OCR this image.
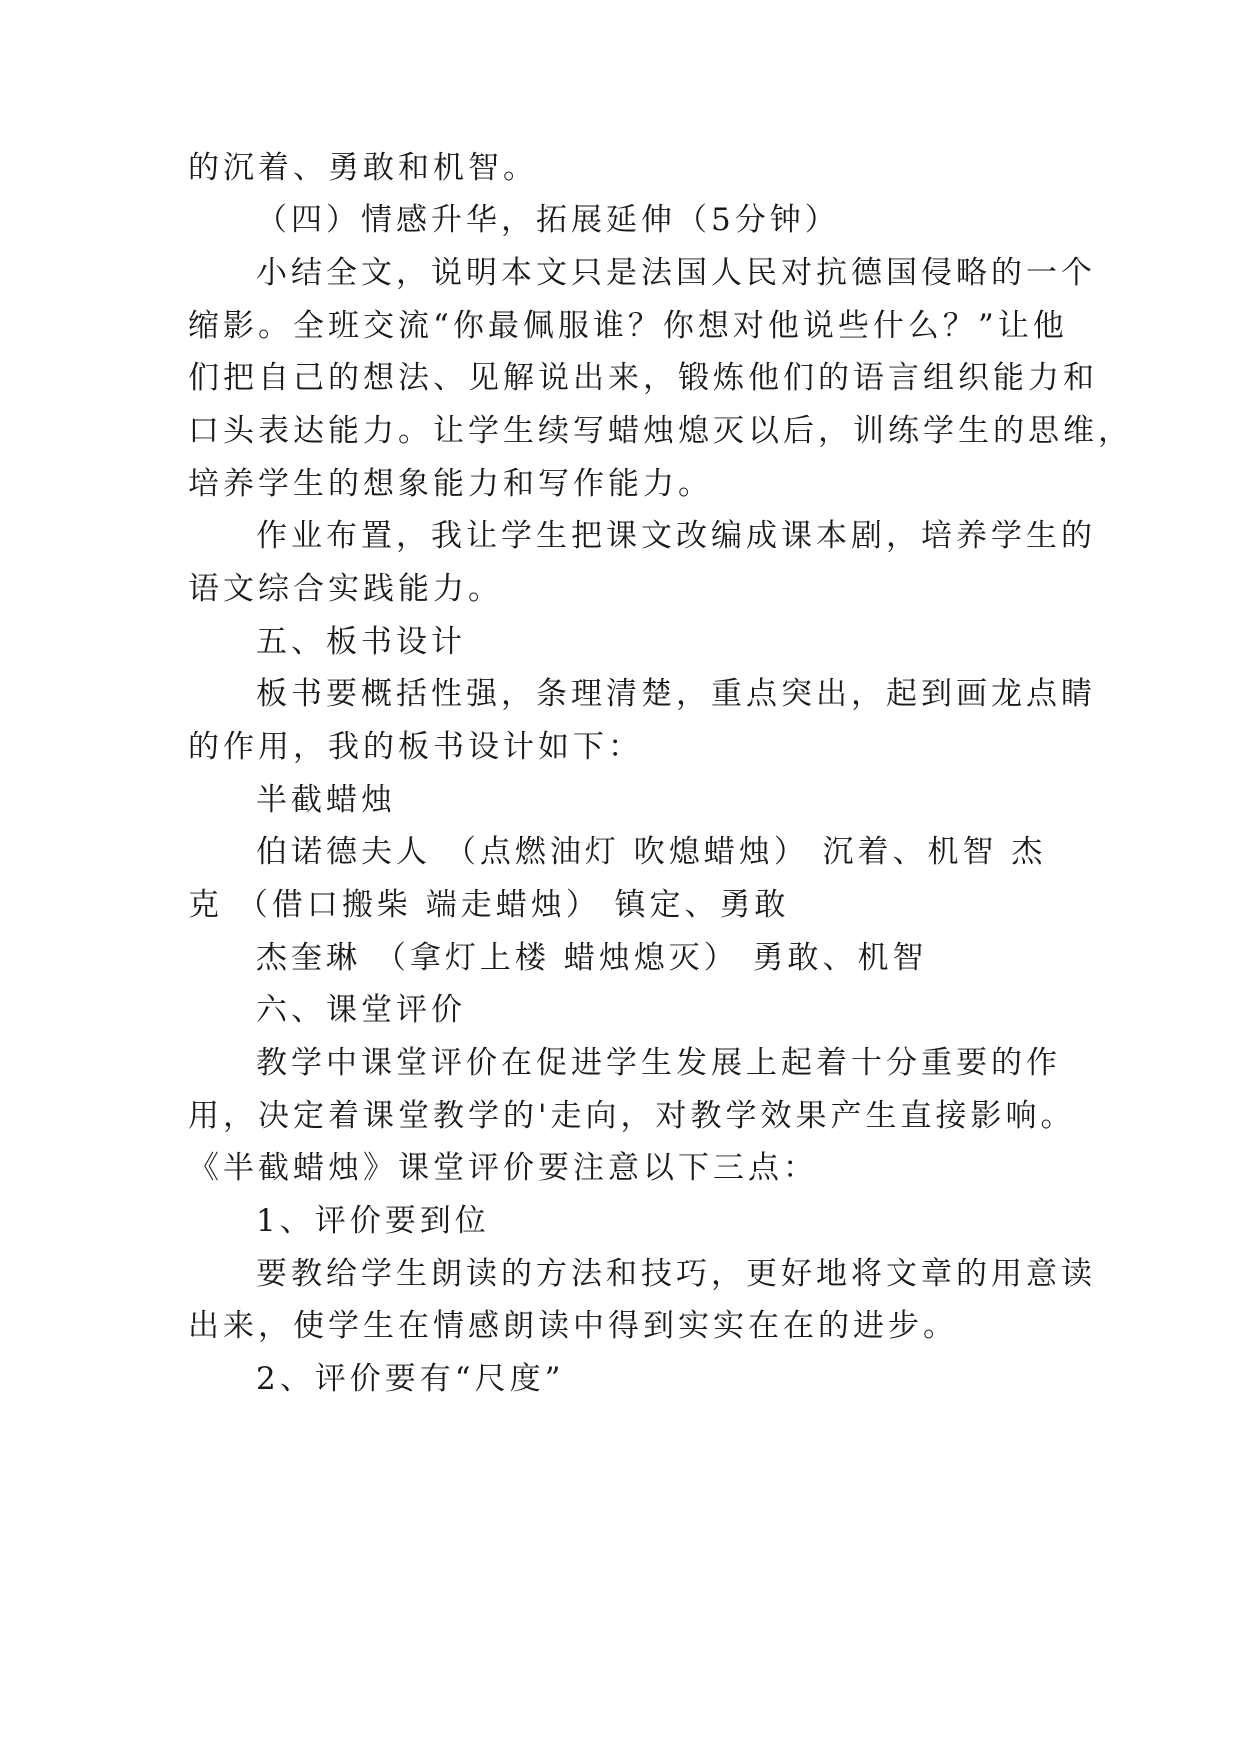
的沉着、勇敢和机智。
（四）情感升华，拓展延伸（5分钟）
小结全文，说明本文只是法国人民对抗德国侵略的一个
缩影。全班交流“你最佩服谁？你想对他说些什么？”让他
们把自己的想法、见解说出来，锻炼他们的语言组织能力和
口头表达能力。让学生续写蜡烛熄灭以后，训练学生的思维，
培养学生的想象能力和写作能力。
作业布置，我让学生把课文改编成课本剧，培养学生的
语文综合实践能力。
五、板书设计
板书要概括性强，条理清楚，重点突出，起到画龙点睛
的作用，我的板书设计如下：
半截蜡烛
伯诺德夫人 （点燃油灯 吹熄蜡烛） 沉着、机智 杰
克 （借口搬柴 端走蜡烛） 镇定、勇敢
杰奎琳 （拿灯上楼 蜡烛熄灭） 勇敢、机智
六、课堂评价
教学中课堂评价在促进学生发展上起着十分重要的作
用，决定着课堂教学的'走向，对教学效果产生直接影响。
《半截蜡烛》课堂评价要注意以下三点：
1、评价要到位
要教给学生朗读的方法和技巧，更好地将文章的用意读
出来，使学生在情感朗读中得到实实在在的进步。
2、评价要有“尺度”
